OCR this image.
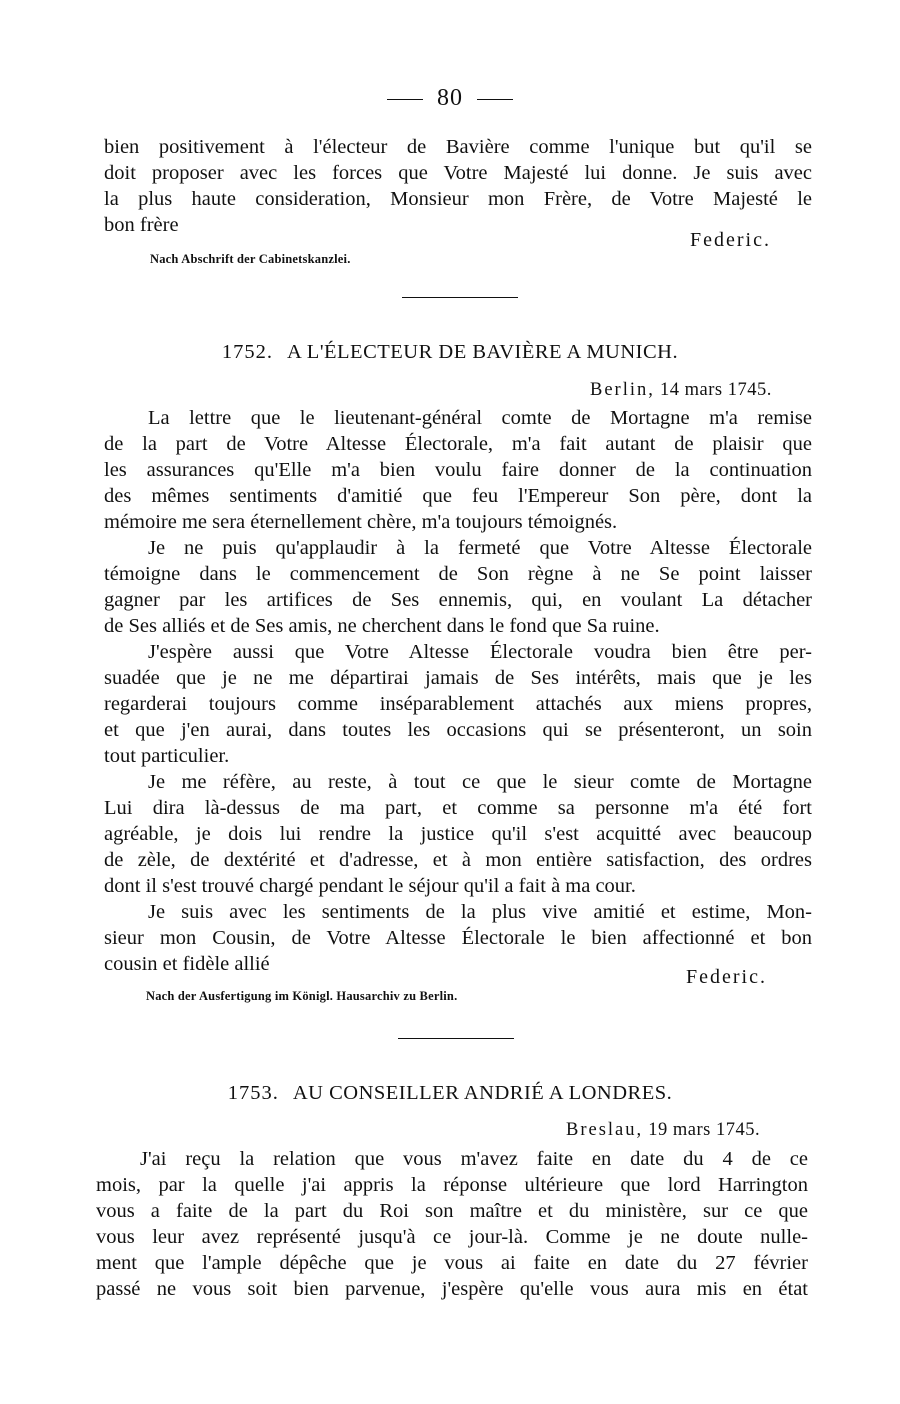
80

bien positivement à l'électeur de Bavière comme l'unique but qu'il se

doit proposer avec les forces que Votre Majesté lui donne. Je suis avec

la plus haute consideration, Monsieur mon Frère, de Votre Majesté le

bon frère

Federic.
Nach Abschrift der Cabinetskanzlei.
1752. A L'ÉLECTEUR DE BAVIÈRE A MUNICH.
Berlin, 14 mars 1745.

La lettre que le lieutenant-général comte de Mortagne m'a remise

de la part de Votre Altesse Électorale, m'a fait autant de plaisir que

les assurances qu'Elle m'a bien voulu faire donner de la continuation

des mêmes sentiments d'amitié que feu l'Empereur Son père, dont la

mémoire me sera éternellement chère, m'a toujours témoignés.

Je ne puis qu'applaudir à la fermeté que Votre Altesse Électorale

témoigne dans le commencement de Son règne à ne Se point laisser

gagner par les artifices de Ses ennemis, qui, en voulant La détacher

de Ses alliés et de Ses amis, ne cherchent dans le fond que Sa ruine.

J'espère aussi que Votre Altesse Électorale voudra bien être per-

suadée que je ne me départirai jamais de Ses intérêts, mais que je les

regarderai toujours comme inséparablement attachés aux miens propres,

et que j'en aurai, dans toutes les occasions qui se présenteront, un soin

tout particulier.

Je me réfère, au reste, à tout ce que le sieur comte de Mortagne

Lui dira là-dessus de ma part, et comme sa personne m'a été fort

agréable, je dois lui rendre la justice qu'il s'est acquitté avec beaucoup

de zèle, de dextérité et d'adresse, et à mon entière satisfaction, des ordres

dont il s'est trouvé chargé pendant le séjour qu'il a fait à ma cour.

Je suis avec les sentiments de la plus vive amitié et estime, Mon-

sieur mon Cousin, de Votre Altesse Électorale le bien affectionné et bon

cousin et fidèle allié

Federic.
Nach der Ausfertigung im Königl. Hausarchiv zu Berlin.
1753. AU CONSEILLER ANDRIÉ A LONDRES.
Breslau, 19 mars 1745.

J'ai reçu la relation que vous m'avez faite en date du 4 de ce

mois, par la quelle j'ai appris la réponse ultérieure que lord Harrington

vous a faite de la part du Roi son maître et du ministère, sur ce que

vous leur avez représenté jusqu'à ce jour-là. Comme je ne doute nulle-

ment que l'ample dépêche que je vous ai faite en date du 27 février

passé ne vous soit bien parvenue, j'espère qu'elle vous aura mis en état
